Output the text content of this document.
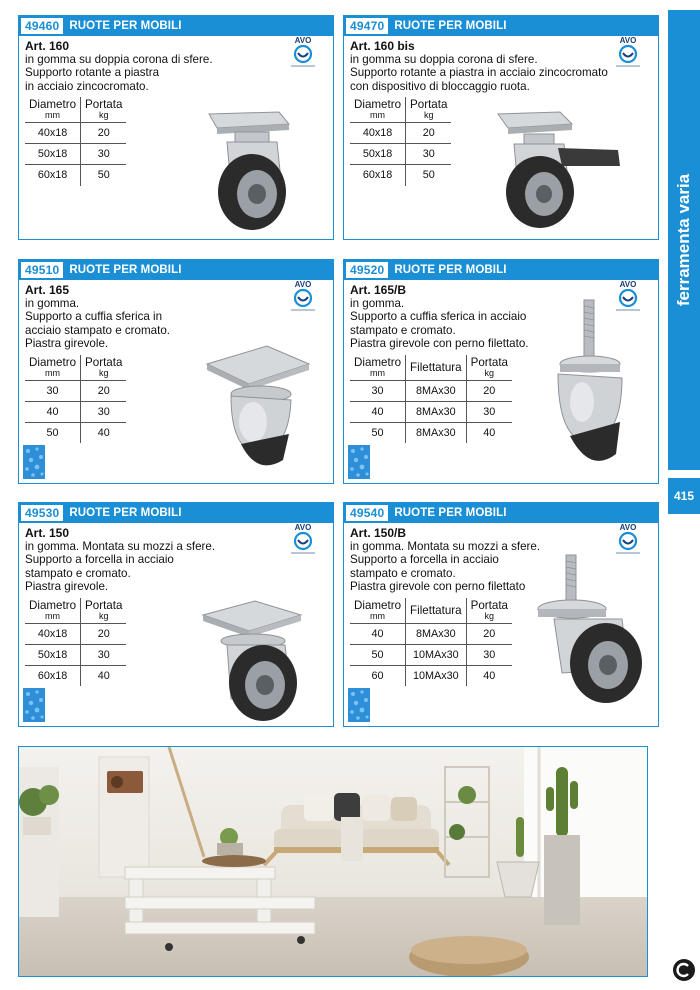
49460 RUOTE PER MOBILI
Art. 160
in gomma su doppia corona di sfere.
Supporto rotante a piastra
in acciaio zincocromato.
Diametro
mm	Portata
kg

40x18	20
50x18	30
60x18	50
AVO
49470 RUOTE PER MOBILI
Art. 160 bis
in gomma su doppia corona di sfere.
Supporto rotante a piastra in acciaio zincocromato
con dispositivo di bloccaggio ruota.
Diametro
mm	Portata
kg

40x18	20
50x18	30
60x18	50
AVO
49510 RUOTE PER MOBILI
Art. 165
in gomma.
Supporto a cuffia sferica in
acciaio stampato e cromato.
Piastra girevole.
Diametro
mm	Portata
kg

30	20
40	30
50	40
AVO
49520 RUOTE PER MOBILI
Art. 165/B
in gomma.
Supporto a cuffia sferica in acciaio
stampato e cromato.
Piastra girevole con perno filettato.
Diametro
mm	Filettatura	Portata
kg

30	8MAx30	20
40	8MAx30	30
50	8MAx30	40
AVO
49530 RUOTE PER MOBILI
Art. 150
in gomma. Montata su mozzi a sfere.
Supporto a forcella in acciaio
stampato e cromato.
Piastra girevole.
Diametro
mm	Portata
kg

40x18	20
50x18	30
60x18	40
AVO
49540 RUOTE PER MOBILI
Art. 150/B
in gomma. Montata su mozzi a sfere.
Supporto a forcella in acciaio
stampato e cromato.
Piastra girevole con perno filettato
Diametro
mm	Filettatura	Portata
kg

40	8MAx30	20
50	10MAx30	30
60	10MAx30	40
AVO
ferramenta varia
415
